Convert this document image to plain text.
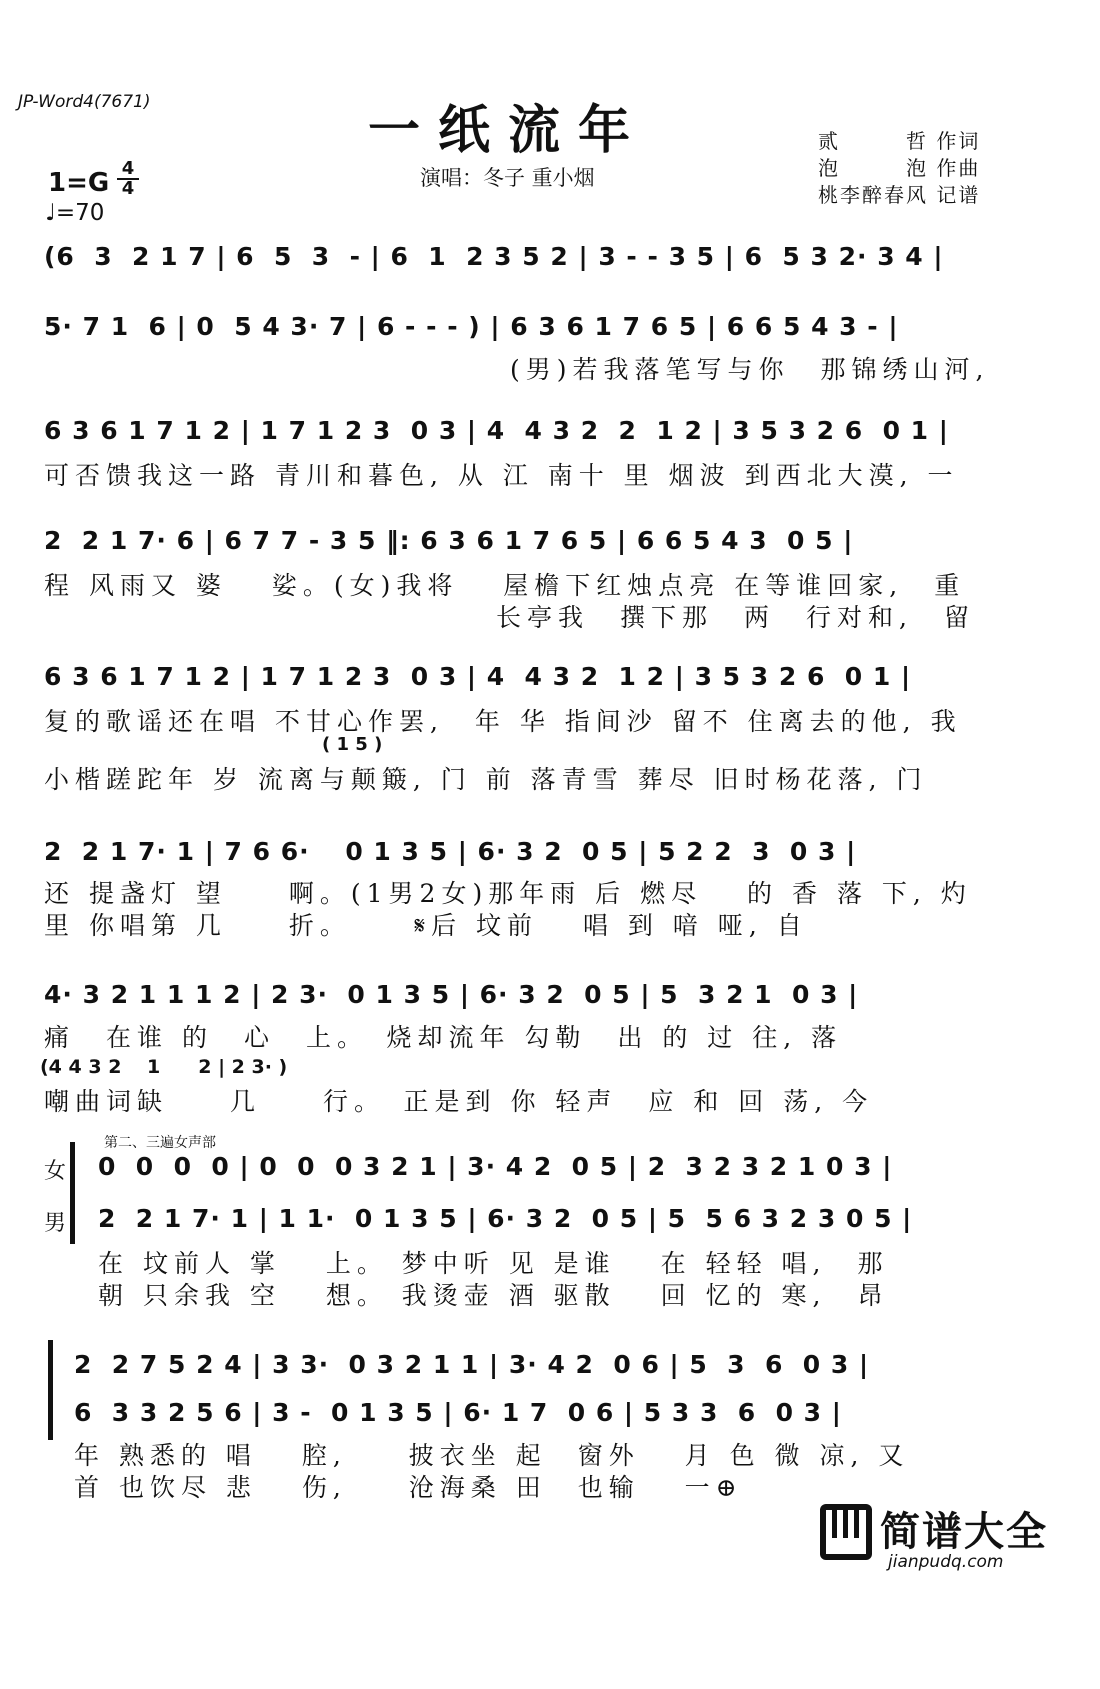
JP-Word4(7671)	一纸流年
演唱：冬子 重小烟
贰　　　哲 作词
泡　　　泡 作曲
桃李醉春风 记谱
1=G 4
4
♩=70
(6  3  2 1 7 | 6  5  3  - | 6  1  2 3 5 2 | 3 - - 3 5 | 6  5 3 2· 3 4 |
5· 7 1  6 | 0  5 4 3· 7 | 6 - - - ) | 6 3 6 1 7 6 5 | 6 6 5 4 3 - |
(男)若我落笔写与你　那锦绣山河,
6 3 6 1 7 1 2 | 1 7 1 2 3  0 3 | 4  4 3 2  2  1 2 | 3 5 3 2 6  0 1 |
可否馈我这一路 青川和暮色, 从 江 南十 里 烟波 到西北大漠, 一
2  2 1 7· 6 | 6 7 7 - 3 5 ‖: 6 3 6 1 7 6 5 | 6 6 5 4 3  0 5 |
程 风雨又 婆　 娑。(女)我将　 屋檐下红烛点亮 在等谁回家,　重
长亭我　撰下那　两　行对和,　留
6 3 6 1 7 1 2 | 1 7 1 2 3  0 3 | 4  4 3 2  1 2 | 3 5 3 2 6  0 1 |
复的歌谣还在唱 不甘心作罢,　年 华 指间沙 留不 住离去的他, 我
( 1 5 )
小楷蹉跎年 岁 流离与颠簸, 门 前 落青雪 葬尽 旧时杨花落, 门
2  2 1 7· 1 | 7 6 6·　 0 1 3 5 | 6· 3 2  0 5 | 5 2 2  3  0 3 |
还 提盏灯 望　　啊。(1男2女)那年雨 后 燃尽　 的 香 落 下, 灼
里 你唱第 几　　折。　　 𝄋后 坟前　 唱 到 喑 哑, 自
4· 3 2 1 1 1 2 | 2 3·  0 1 3 5 | 6· 3 2  0 5 | 5  3 2 1  0 3 |
痛　在谁 的　心　上。　烧却流年 勾勒　出 的 过 往, 落
(4 4 3 2　 1　　2 | 2 3· )
嘲曲词缺　　几　　行。　正是到 你 轻声　应 和 回 荡, 今
第二、三遍女声部
女
男
0  0  0  0 | 0  0  0 3 2 1 | 3· 4 2  0 5 | 2  3 2 3 2 1 0 3 |
2  2 1 7· 1 | 1 1·  0 1 3 5 | 6· 3 2  0 5 | 5  5 6 3 2 3 0 5 |
在 坟前人 掌　 上。 梦中听 见 是谁　 在 轻轻 唱,　那
朝 只余我 空　 想。 我烫壶 酒 驱散　 回 忆的 寒,　昂
2  2 7 5 2 4 | 3 3·  0 3 2 1 1 | 3· 4 2  0 6 | 5  3  6  0 3 |
6  3 3 2 5 6 | 3 -  0 1 3 5 | 6· 1 7  0 6 | 5 3 3  6  0 3 |
年 熟悉的 唱　 腔,　　披衣坐 起　窗外　 月 色 微 凉, 又
首 也饮尽 悲　 伤,　　沧海桑 田　也输　 一⊕
简谱大全
jianpudq.com
